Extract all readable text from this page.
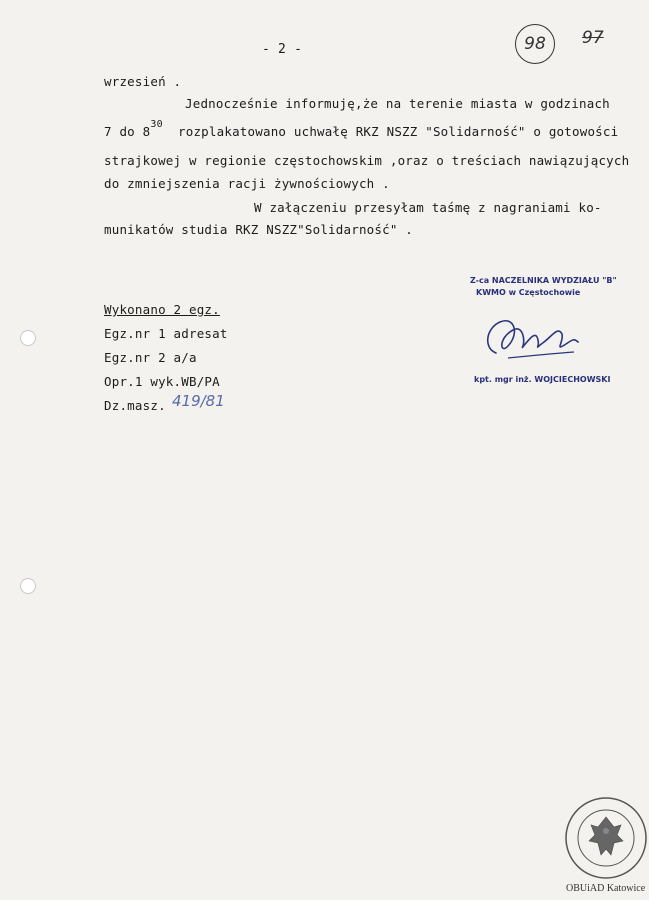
- 2 -	98	97
wrzesień .
Jednocześnie informuję,że na terenie miasta w godzinach
7 do $8^{30}$ rozplakatowano uchwałę RKZ NSZZ "Solidarność" o gotowości
strajkowej w regionie częstochowskim ,oraz o treściach nawiązujących
do zmniejszenia racji żywnościowych .
W załączeniu przesyłam taśmę z nagraniami ko-
munikatów studia RKZ NSZZ"Solidarność" .
Z-ca NACZELNIKA WYDZIAŁU "B"
KWMO w Częstochowie
kpt. mgr inż. WOJCIECHOWSKI
Wykonano 2 egz.
Egz.nr 1 adresat
Egz.nr 2 a/a
Opr.1 wyk.WB/PA
Dz.masz. 419/81
OBUiAD Katowice
